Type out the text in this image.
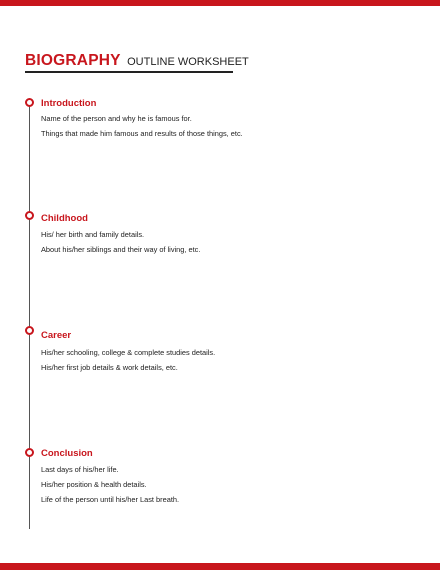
BIOGRAPHY OUTLINE WORKSHEET
Introduction
Name of the person and why he is famous for.
Things that made him famous and results of those things, etc.
Childhood
His/ her birth and family details.
About his/her siblings and their way of living, etc.
Career
His/her schooling, college & complete studies details.
His/her first job details & work details, etc.
Conclusion
Last days of his/her life.
His/her position & health details.
Life of the person until his/her Last breath.
